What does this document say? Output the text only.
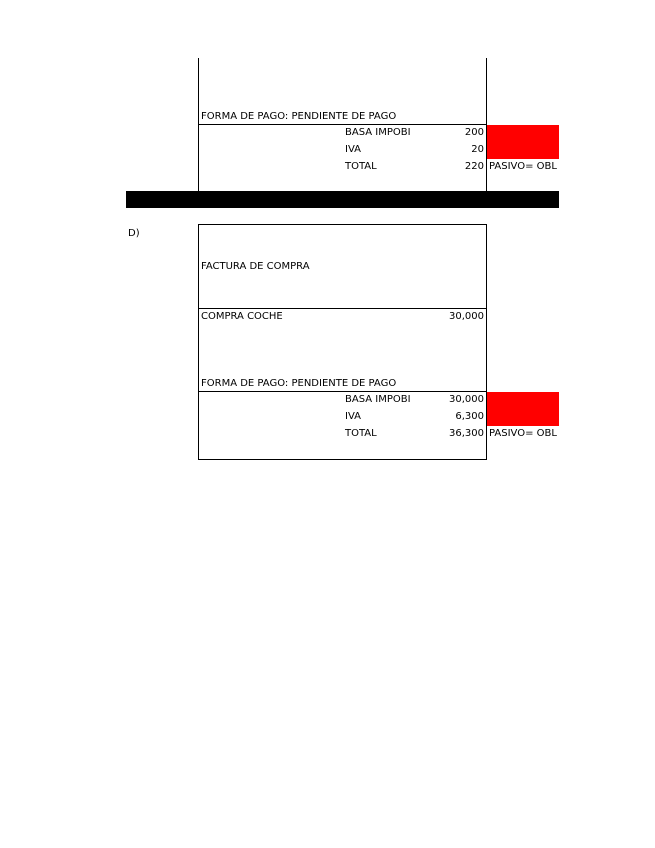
FORMA DE PAGO: PENDIENTE DE PAGO
BASA IMPOBI	200
IVA	20
TOTAL	220 PASIVO= OBL
D)
FACTURA DE COMPRA
COMPRA COCHE	30,000
FORMA DE PAGO: PENDIENTE DE PAGO
BASA IMPOBI	30,000
IVA	6,300
TOTAL	36,300 PASIVO= OBL
